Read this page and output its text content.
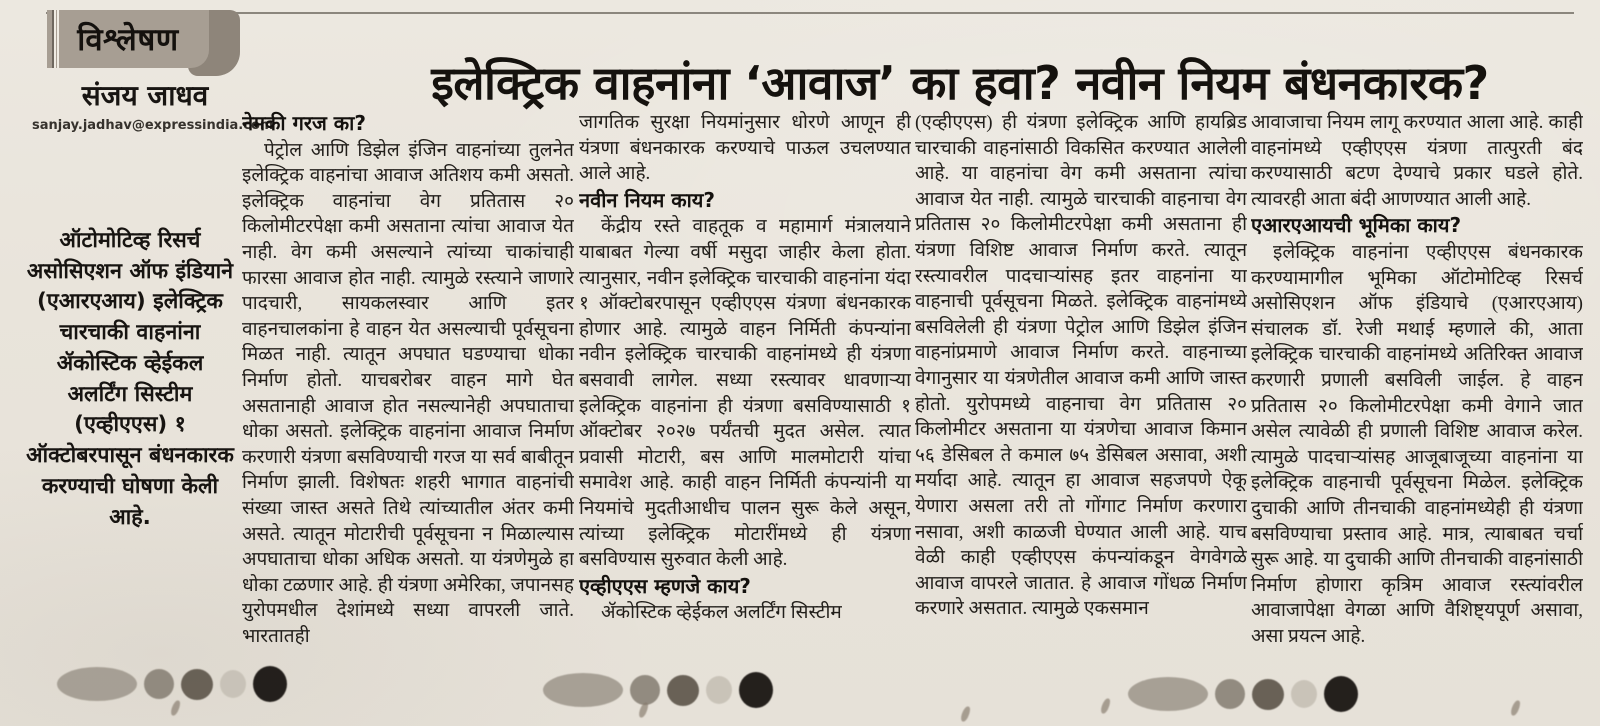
विश्लेषण
संजय जाधव
sanjay.jadhav@expressindia.com
इलेक्ट्रिक वाहनांना ‘आवाज’ का हवा? नवीन नियम बंधनकारक?
ऑटोमोटिव्ह रिसर्च असोसिएशन ऑफ इंडियाने (एआरएआय) इलेक्ट्रिक चारचाकी वाहनांना ॲकोस्टिक व्हेईकल अलर्टिंग सिस्टीम (एव्हीएएस) १ ऑक्टोबरपासून बंधनकारक करण्याची घोषणा केली आहे.
नेमकी गरज का?

पेट्रोल आणि डिझेल इंजिन वाहनांच्या तुलनेत इलेक्ट्रिक वाहनांचा आवाज अतिशय कमी असतो. इलेक्ट्रिक वाहनांचा वेग प्रतितास २० किलोमीटरपेक्षा कमी असताना त्यांचा आवाज येत नाही. वेग कमी असल्याने त्यांच्या चाकांचाही फारसा आवाज होत नाही. त्यामुळे रस्त्याने जाणारे पादचारी, सायकलस्वार आणि इतर वाहनचालकांना हे वाहन येत असल्याची पूर्वसूचना मिळत नाही. त्यातून अपघात घडण्याचा धोका निर्माण होतो. याचबरोबर वाहन मागे घेत असतानाही आवाज होत नसल्यानेही अपघाताचा धोका असतो. इलेक्ट्रिक वाहनांना आवाज निर्माण करणारी यंत्रणा बसविण्याची गरज या सर्व बाबीतून निर्माण झाली. विशेषतः शहरी भागात वाहनांची संख्या जास्त असते तिथे त्यांच्यातील अंतर कमी असते. त्यातून मोटारीची पूर्वसूचना न मिळाल्यास अपघाताचा धोका अधिक असतो. या यंत्रणेमुळे हा धोका टळणार आहे. ही यंत्रणा अमेरिका, जपानसह युरोपमधील देशांमध्ये सध्या वापरली जाते. भारतातही

जागतिक सुरक्षा नियमांनुसार धोरणे आणून ही यंत्रणा बंधनकारक करण्याचे पाऊल उचलण्यात आले आहे.

नवीन नियम काय?

केंद्रीय रस्ते वाहतूक व महामार्ग मंत्रालयाने याबाबत गेल्या वर्षी मसुदा जाहीर केला होता. त्यानुसार, नवीन इलेक्ट्रिक चारचाकी वाहनांना यंदा १ ऑक्टोबरपासून एव्हीएएस यंत्रणा बंधनकारक होणार आहे. त्यामुळे वाहन निर्मिती कंपन्यांना नवीन इलेक्ट्रिक चारचाकी वाहनांमध्ये ही यंत्रणा बसवावी लागेल. सध्या रस्त्यावर धावणाऱ्या इलेक्ट्रिक वाहनांना ही यंत्रणा बसविण्यासाठी १ ऑक्टोबर २०२७ पर्यंतची मुदत असेल. त्यात प्रवासी मोटारी, बस आणि मालमोटारी यांचा समावेश आहे. काही वाहन निर्मिती कंपन्यांनी या नियमांचे मुदतीआधीच पालन सुरू केले असून, त्यांच्या इलेक्ट्रिक मोटारींमध्ये ही यंत्रणा बसविण्यास सुरुवात केली आहे.

एव्हीएएस म्हणजे काय?

ॲकोस्टिक व्हेईकल अलर्टिंग सिस्टीम

(एव्हीएएस) ही यंत्रणा इलेक्ट्रिक आणि हायब्रिड चारचाकी वाहनांसाठी विकसित करण्यात आलेली आहे. या वाहनांचा वेग कमी असताना त्यांचा आवाज येत नाही. त्यामुळे चारचाकी वाहनाचा वेग प्रतितास २० किलोमीटरपेक्षा कमी असताना ही यंत्रणा विशिष्ट आवाज निर्माण करते. त्यातून रस्त्यावरील पादचाऱ्यांसह इतर वाहनांना या वाहनाची पूर्वसूचना मिळते. इलेक्ट्रिक वाहनांमध्ये बसविलेली ही यंत्रणा पेट्रोल आणि डिझेल इंजिन वाहनांप्रमाणे आवाज निर्माण करते. वाहनाच्या वेगानुसार या यंत्रणेतील आवाज कमी आणि जास्त होतो. युरोपमध्ये वाहनाचा वेग प्रतितास २० किलोमीटर असताना या यंत्रणेचा आवाज किमान ५६ डेसिबल ते कमाल ७५ डेसिबल असावा, अशी मर्यादा आहे. त्यातून हा आवाज सहजपणे ऐकू येणारा असला तरी तो गोंगाट निर्माण करणारा नसावा, अशी काळजी घेण्यात आली आहे. याच वेळी काही एव्हीएएस कंपन्यांकडून वेगवेगळे आवाज वापरले जातात. हे आवाज गोंधळ निर्माण करणारे असतात. त्यामुळे एकसमान

आवाजाचा नियम लागू करण्यात आला आहे. काही वाहनांमध्ये एव्हीएएस यंत्रणा तात्पुरती बंद करण्यासाठी बटण देण्याचे प्रकार घडले होते. त्यावरही आता बंदी आणण्यात आली आहे.

एआरएआयची भूमिका काय?

इलेक्ट्रिक वाहनांना एव्हीएएस बंधनकारक करण्यामागील भूमिका ऑटोमोटिव्ह रिसर्च असोसिएशन ऑफ इंडियाचे (एआरएआय) संचालक डॉ. रेजी मथाई म्हणाले की, आता इलेक्ट्रिक चारचाकी वाहनांमध्ये अतिरिक्त आवाज करणारी प्रणाली बसविली जाईल. हे वाहन प्रतितास २० किलोमीटरपेक्षा कमी वेगाने जात असेल त्यावेळी ही प्रणाली विशिष्ट आवाज करेल. त्यामुळे पादचाऱ्यांसह आजूबाजूच्या वाहनांना या इलेक्ट्रिक वाहनाची पूर्वसूचना मिळेल. इलेक्ट्रिक दुचाकी आणि तीनचाकी वाहनांमध्येही ही यंत्रणा बसविण्याचा प्रस्ताव आहे. मात्र, त्याबाबत चर्चा सुरू आहे. या दुचाकी आणि तीनचाकी वाहनांसाठी निर्माण होणारा कृत्रिम आवाज रस्त्यांवरील आवाजापेक्षा वेगळा आणि वैशिष्ट्यपूर्ण असावा, असा प्रयत्न आहे.
